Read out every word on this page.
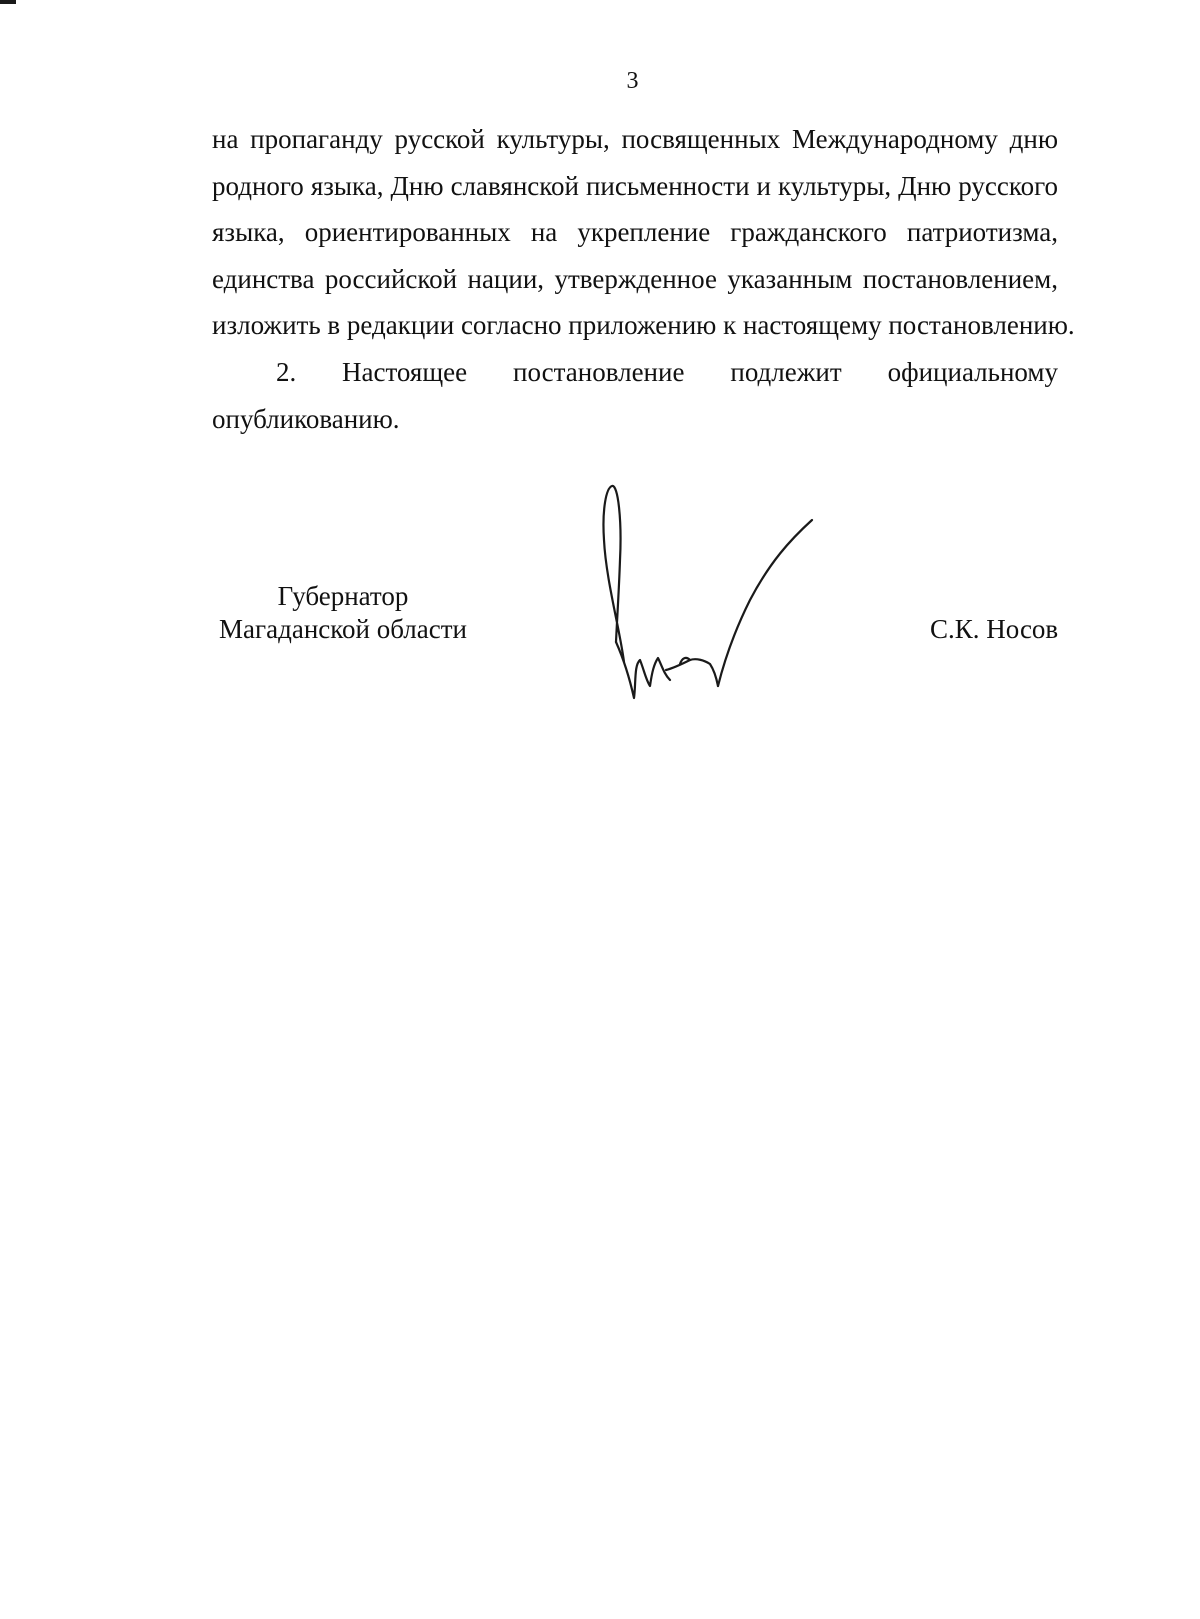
3
на пропаганду русской культуры, посвященных Международному дню
родного языка, Дню славянской письменности и культуры, Дню русского
языка, ориентированных на укрепление гражданского патриотизма,
единства российской нации, утвержденное указанным постановлением,
изложить в редакции согласно приложению к настоящему постановлению.
2. Настоящее постановление подлежит официальному
опубликованию.
Губернатор
Магаданской области	С.К. Носов
